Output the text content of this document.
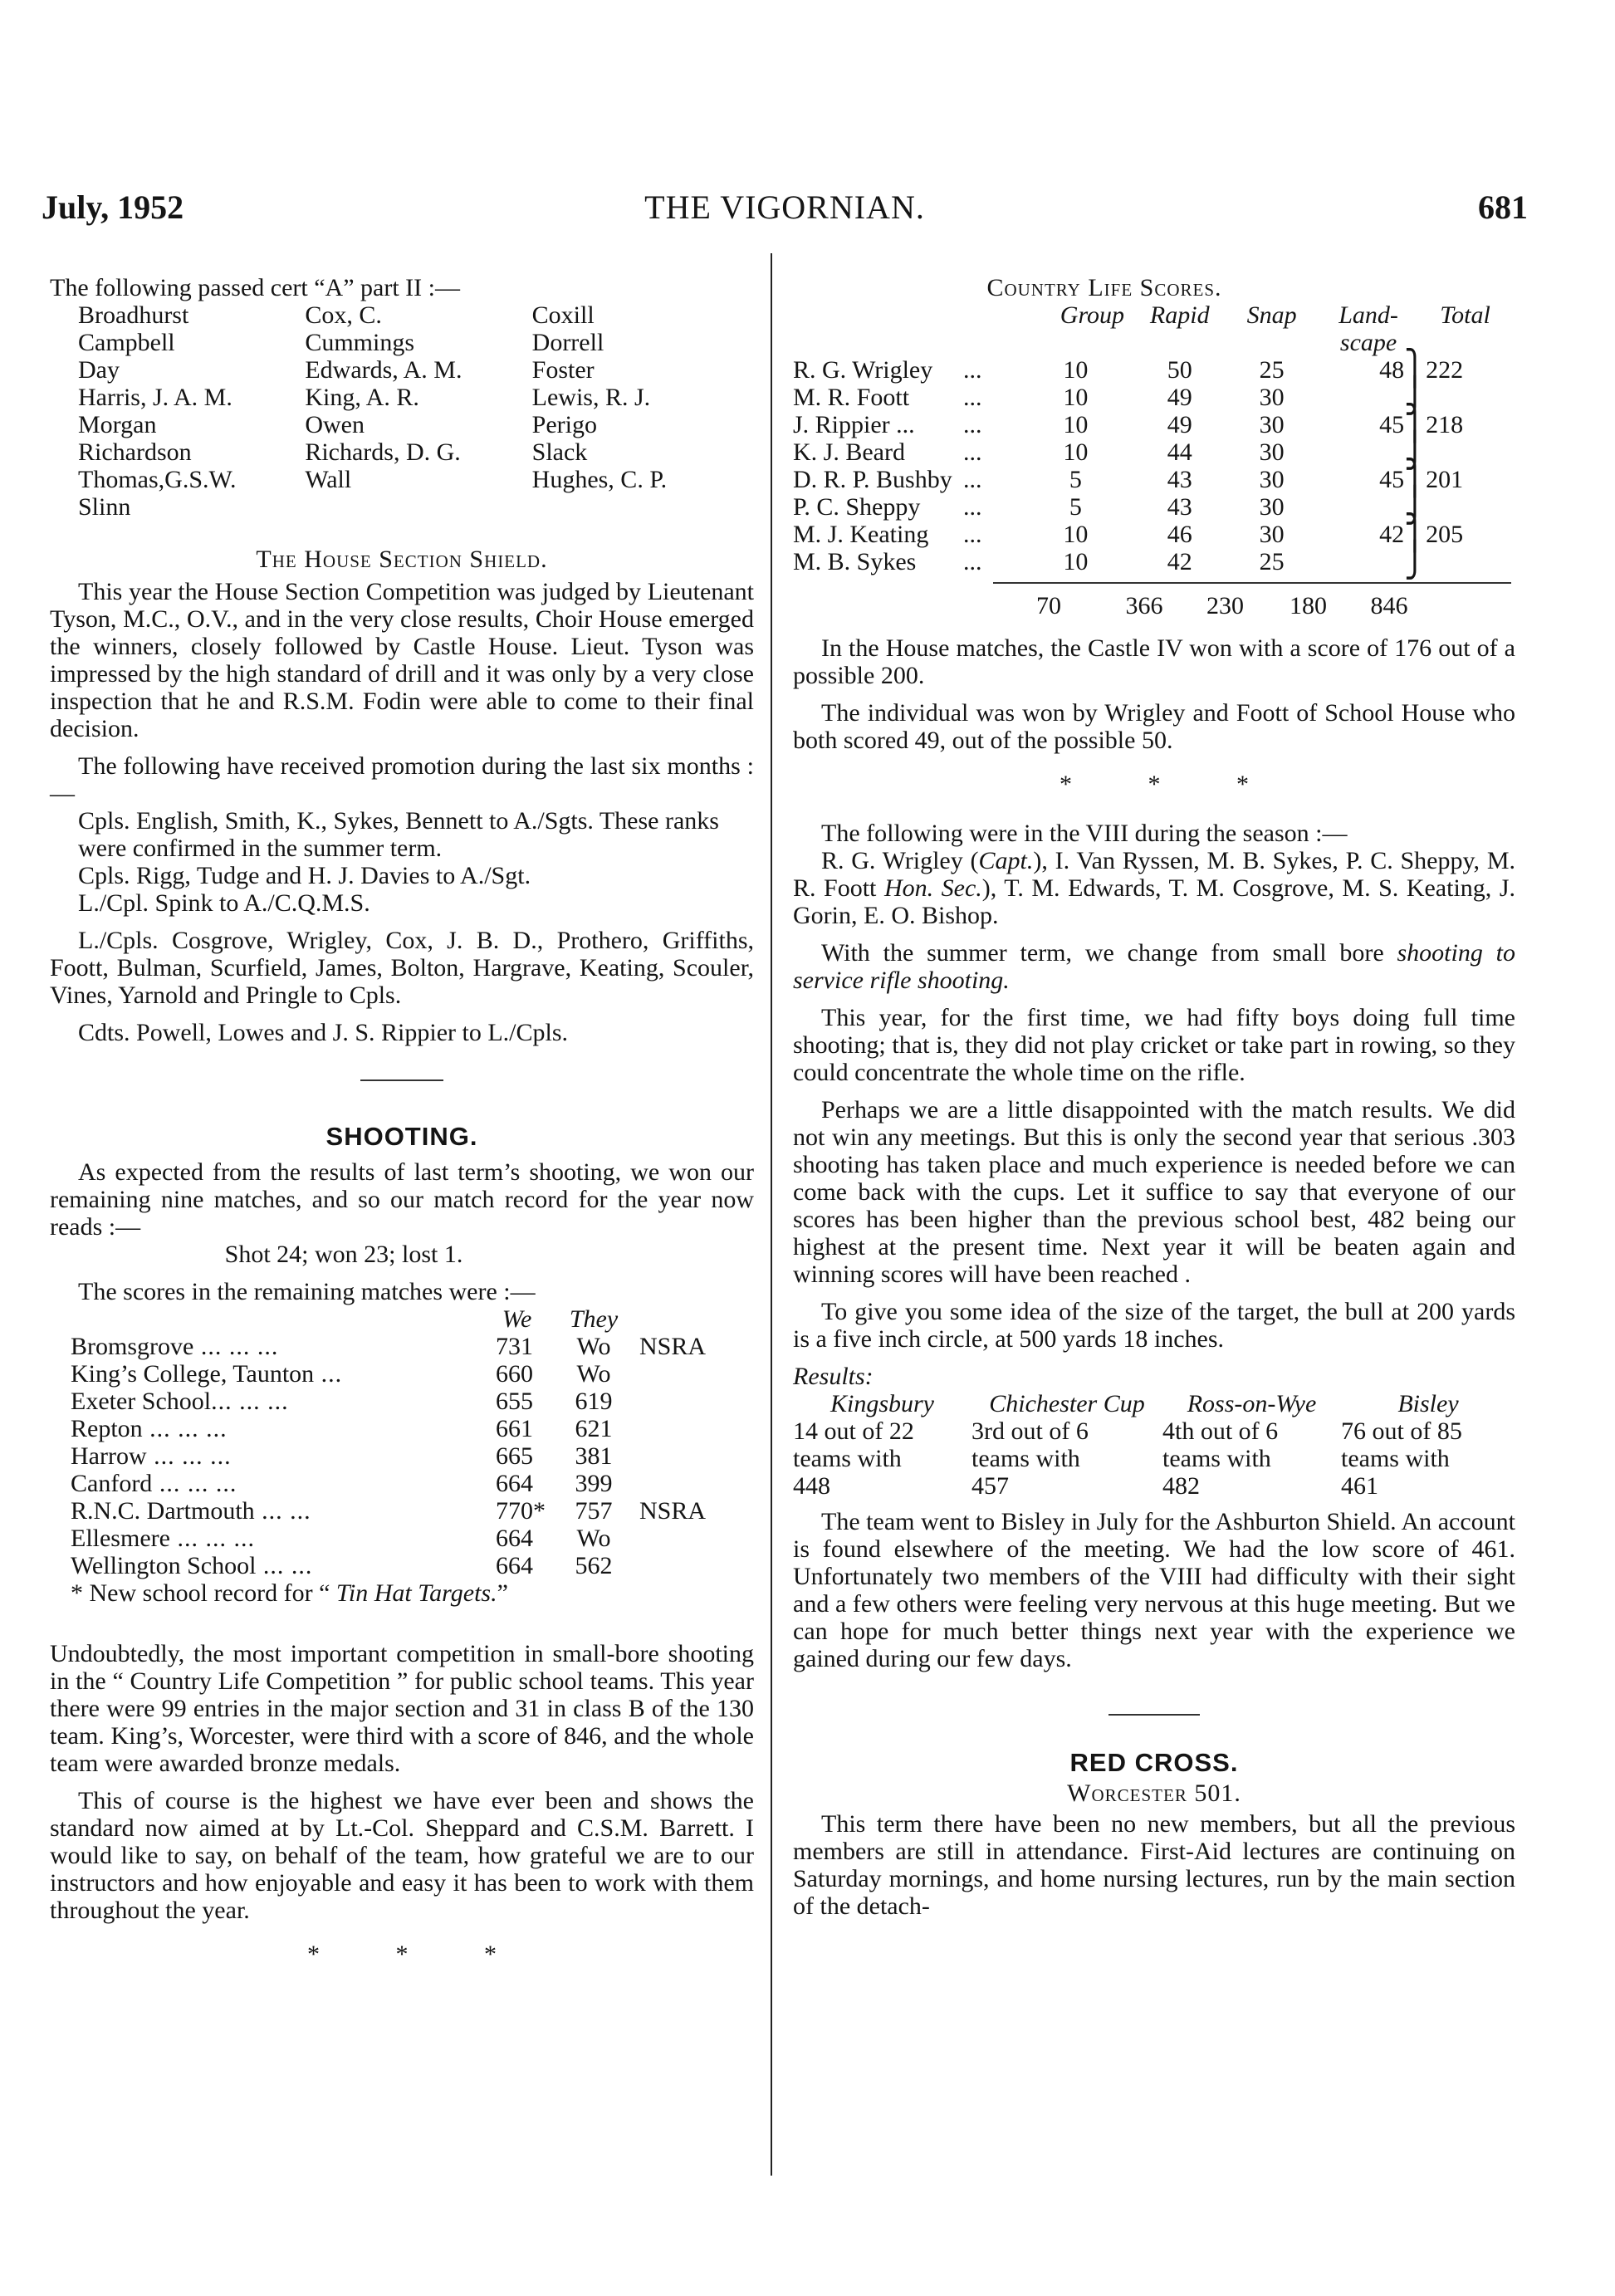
July, 1952	THE VIGORNIAN.	681
The following passed cert “A” part II :—
Broadhurst	Cox, C.	Coxill
Campbell	Cummings	Dorrell
Day	Edwards, A. M.	Foster
Harris, J. A. M.	King, A. R.	Lewis, R. J.
Morgan	Owen	Perigo
Richardson	Richards, D. G.	Slack
Thomas,G.S.W.	Wall	Hughes, C. P.
Slinn		
The House Section Shield.

This year the House Section Competition was judged by Lieutenant Tyson, M.C., O.V., and in the very close results, Choir House emerged the winners, closely followed by Castle House. Lieut. Tyson was impressed by the high standard of drill and it was only by a very close inspection that he and R.S.M. Fodin were able to come to their final decision.

The following have received promotion during the last six months :—

Cpls. English, Smith, K., Sykes, Bennett to A./Sgts. These ranks were confirmed in the summer term.
Cpls. Rigg, Tudge and H. J. Davies to A./Sgt.
L./Cpl. Spink to A./C.Q.M.S.

L./Cpls. Cosgrove, Wrigley, Cox, J. B. D., Prothero, Griffiths, Foott, Bulman, Scurfield, James, Bolton, Hargrave, Keating, Scouler, Vines, Yarnold and Pringle to Cpls.

Cdts. Powell, Lowes and J. S. Rippier to L./Cpls.

SHOOTING.

As expected from the results of last term’s shooting, we won our remaining nine matches, and so our match record for the year now reads :—

Shot 24; won 23; lost 1.
The scores in the remaining matches were :—
	We	They	
Bromsgrove ... ... ...	731	Wo	NSRA
King’s College, Taunton ...	660	Wo	
Exeter School... ... ...	655	619	
Repton ... ... ...	661	621	
Harrow ... ... ...	665	381	
Canford ... ... ...	664	399	
R.N.C. Dartmouth ... ...	770*	757	NSRA
Ellesmere ... ... ...	664	Wo	
Wellington School ... ...	664	562	
* New school record for “ Tin Hat Targets.”

Undoubtedly, the most important competition in small-bore shooting in the “ Country Life Competition ” for public school teams. This year there were 99 entries in the major section and 31 in class B of the 130 team. King’s, Worcester, were third with a score of 846, and the whole team were awarded bronze medals.

This of course is the highest we have ever been and shows the standard now aimed at by Lt.-Col. Sheppard and C.S.M. Barrett. I would like to say, on behalf of the team, how grateful we are to our instructors and how enjoyable and easy it has been to work with them throughout the year.

* * *
Country Life Scores.
	Group	Rapid	Snap	Land-
scape	Total
R. G. Wrigley ...	10	50	25	48⎫	222
M. R. Foott ...	10	49	30	⎭	
J. Rippier ... ...	10	49	30	45⎫	218
K. J. Beard ...	10	44	30	⎭	
D. R. P. Bushby ...	5	43	30	45⎫	201
P. C. Sheppy ...	5	43	30	⎭	
M. J. Keating ...	10	46	30	42⎫	205
M. B. Sykes ...	10	42	25	⎭	

	70 366 230 180 846				

In the House matches, the Castle IV won with a score of 176 out of a possible 200.

The individual was won by Wrigley and Foott of School House who both scored 49, out of the possible 50.

* * *
The following were in the VIII during the season :—

R. G. Wrigley (Capt.), I. Van Ryssen, M. B. Sykes, P. C. Sheppy, M. R. Foott Hon. Sec.), T. M. Edwards, T. M. Cosgrove, M. S. Keating, J. Gorin, E. O. Bishop.

With the summer term, we change from small bore shooting to service rifle shooting.

This year, for the first time, we had fifty boys doing full time shooting; that is, they did not play cricket or take part in rowing, so they could concentrate the whole time on the rifle.

Perhaps we are a little disappointed with the match results. We did not win any meetings. But this is only the second year that serious .303 shooting has taken place and much experience is needed before we can come back with the cups. Let it suffice to say that everyone of our scores has been higher than the previous school best, 482 being our highest at the present time. Next year it will be beaten again and winning scores will have been reached .

To give you some idea of the size of the target, the bull at 200 yards is a five inch circle, at 500 yards 18 inches.

Results:
Kingsbury	Chichester Cup	Ross-on-Wye	Bisley
14 out of 22	3rd out of 6	4th out of 6	76 out of 85
teams with	teams with	teams with	teams with
448	457	482	461

The team went to Bisley in July for the Ashburton Shield. An account is found elsewhere of the meeting. We had the low score of 461. Unfortunately two members of the VIII had difficulty with their sight and a few others were feeling very nervous at this huge meeting. But we can hope for much better things next year with the experience we gained during our few days.

RED CROSS.
Worcester 501.

This term there have been no new members, but all the previous members are still in attendance. First-Aid lectures are continuing on Saturday mornings, and home nursing lectures, run by the main section of the detach-
